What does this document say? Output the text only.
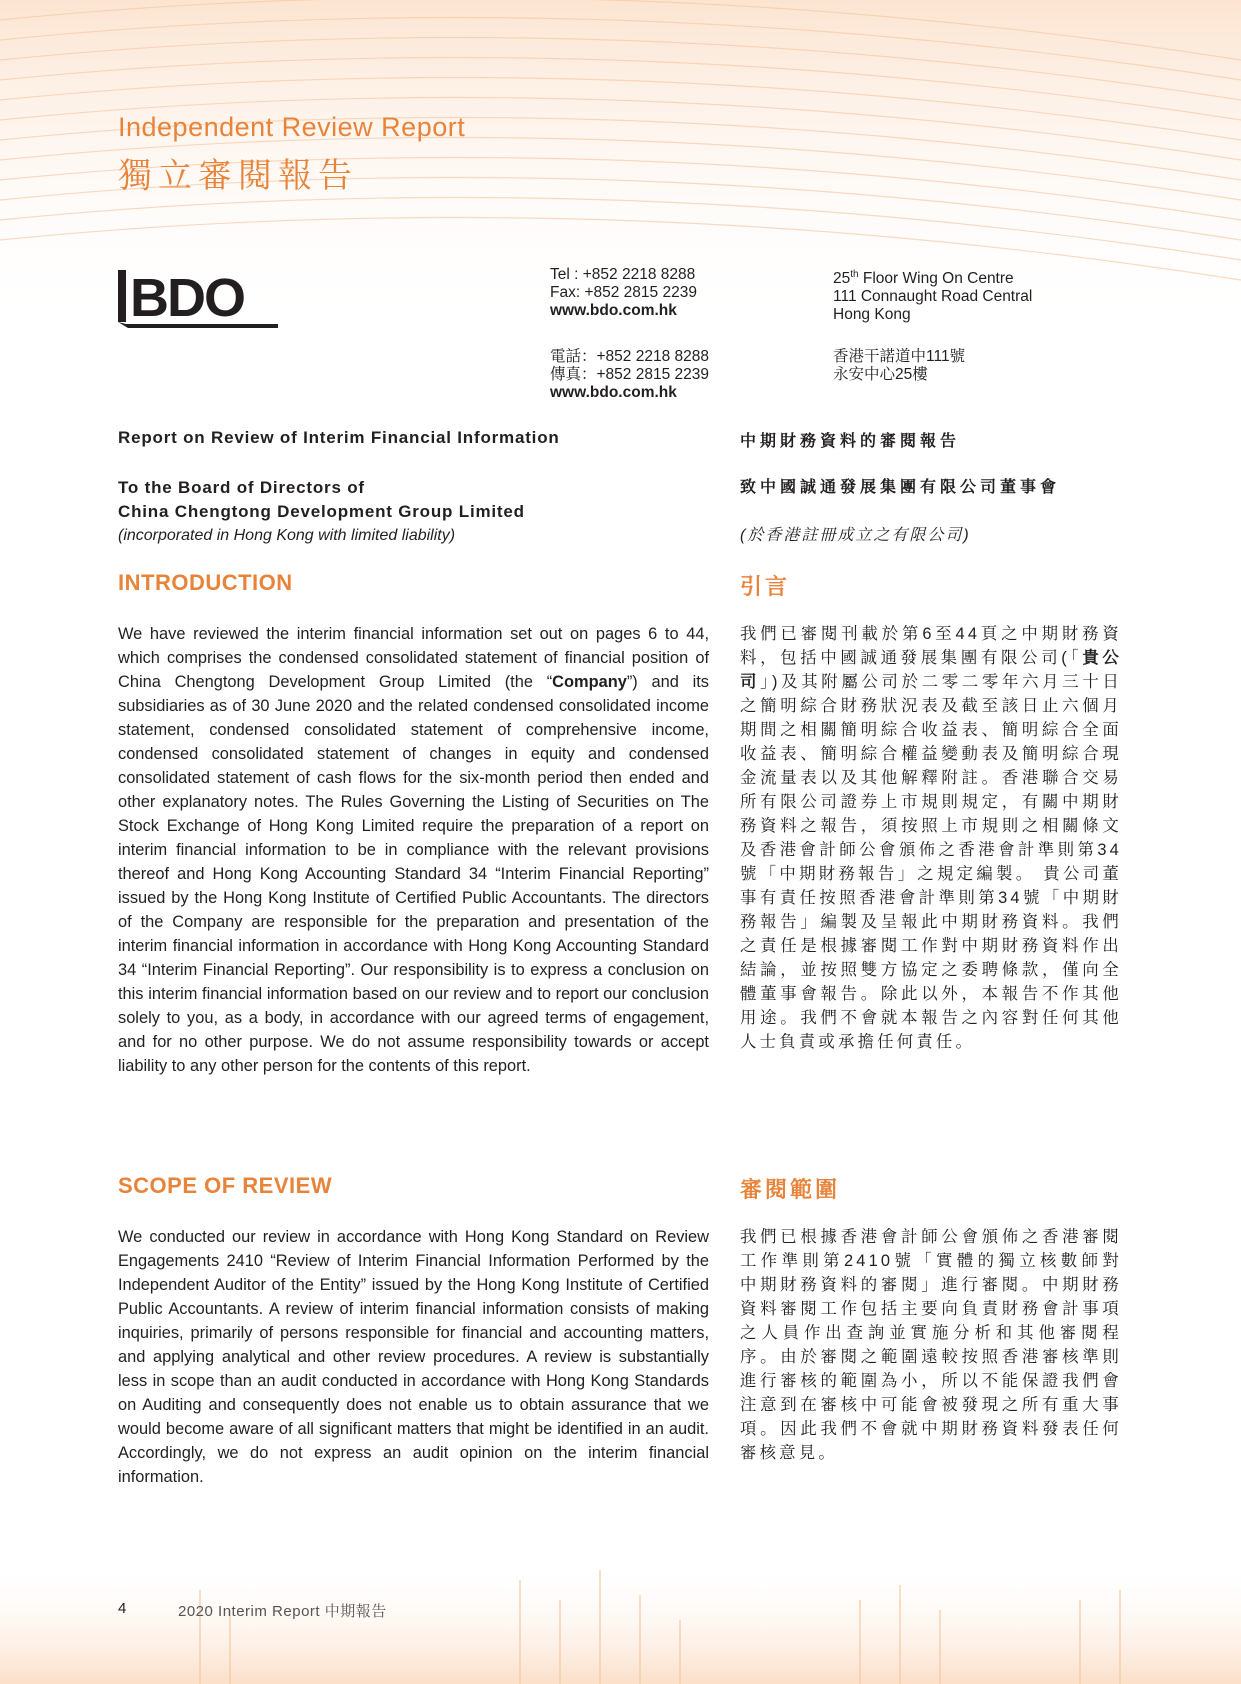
Independent Review Report
獨立審閱報告
BDO	Tel : +852 2218 8288
Fax: +852 2815 2239
www.bdo.com.hk
25th Floor Wing On Centre
111 Connaught Road Central
Hong Kong
電話：+852 2218 8288
傳真：+852 2815 2239
www.bdo.com.hk
香港干諾道中111號
永安中心25樓
Report on Review of Interim Financial Information	中期財務資料的審閱報告
To the Board of Directors of
China Chengtong Development Group Limited
(incorporated in Hong Kong with limited liability)
致中國誠通發展集團有限公司董事會
(於香港註冊成立之有限公司)
INTRODUCTION	引言
We have reviewed the interim financial information set out on pages 6 to 44, which comprises the condensed consolidated statement of financial position of China Chengtong Development Group Limited (the “Company”) and its subsidiaries as of 30 June 2020 and the related condensed consolidated income statement, condensed consolidated statement of comprehensive income, condensed consolidated statement of changes in equity and condensed consolidated statement of cash flows for the six-month period then ended and other explanatory notes. The Rules Governing the Listing of Securities on The Stock Exchange of Hong Kong Limited require the preparation of a report on interim financial information to be in compliance with the relevant provisions thereof and Hong Kong Accounting Standard 34 “Interim Financial Reporting” issued by the Hong Kong Institute of Certified Public Accountants. The directors of the Company are responsible for the preparation and presentation of the interim financial information in accordance with Hong Kong Accounting Standard 34 “Interim Financial Reporting”. Our responsibility is to express a conclusion on this interim financial information based on our review and to report our conclusion solely to you, as a body, in accordance with our agreed terms of engagement, and for no other purpose. We do not assume responsibility towards or accept liability to any other person for the contents of this report.
我們已審閱刊載於第6至44頁之中期財務資料，包括中國誠通發展集團有限公司(「貴公司」)及其附屬公司於二零二零年六月三十日之簡明綜合財務狀況表及截至該日止六個月期間之相關簡明綜合收益表、簡明綜合全面收益表、簡明綜合權益變動表及簡明綜合現金流量表以及其他解釋附註。香港聯合交易所有限公司證券上市規則規定，有關中期財務資料之報告，須按照上市規則之相關條文及香港會計師公會頒佈之香港會計準則第34號「中期財務報告」之規定編製。 貴公司董事有責任按照香港會計準則第34號「中期財務報告」編製及呈報此中期財務資料。我們之責任是根據審閱工作對中期財務資料作出結論，並按照雙方協定之委聘條款，僅向全體董事會報告。除此以外，本報告不作其他用途。我們不會就本報告之內容對任何其他人士負責或承擔任何責任。
SCOPE OF REVIEW	審閱範圍
We conducted our review in accordance with Hong Kong Standard on Review Engagements 2410 “Review of Interim Financial Information Performed by the Independent Auditor of the Entity” issued by the Hong Kong Institute of Certified Public Accountants. A review of interim financial information consists of making inquiries, primarily of persons responsible for financial and accounting matters, and applying analytical and other review procedures. A review is substantially less in scope than an audit conducted in accordance with Hong Kong Standards on Auditing and consequently does not enable us to obtain assurance that we would become aware of all significant matters that might be identified in an audit. Accordingly, we do not express an audit opinion on the interim financial information.
我們已根據香港會計師公會頒佈之香港審閱工作準則第2410號「實體的獨立核數師對中期財務資料的審閱」進行審閱。中期財務資料審閱工作包括主要向負責財務會計事項之人員作出查詢並實施分析和其他審閱程序。由於審閱之範圍遠較按照香港審核準則進行審核的範圍為小，所以不能保證我們會注意到在審核中可能會被發現之所有重大事項。因此我們不會就中期財務資料發表任何審核意見。
4	2020 Interim Report 中期報告
